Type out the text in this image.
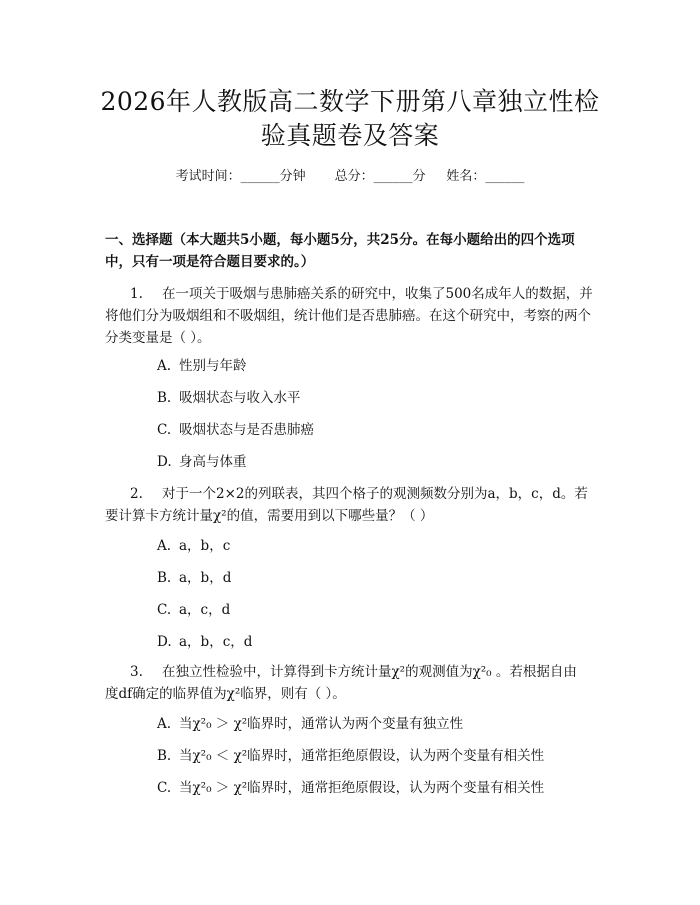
2026年人教版高二数学下册第八章独立性检
验真题卷及答案
考试时间：______分钟 总分：______分 姓名：______
一、选择题（本大题共5小题，每小题5分，共25分。在每小题给出的四个选项
中，只有一项是符合题目要求的。）
1. 在一项关于吸烟与患肺癌关系的研究中，收集了500名成年人的数据，并
将他们分为吸烟组和不吸烟组，统计他们是否患肺癌。在这个研究中，考察的两个
分类变量是（ ）。
A. 性别与年龄
B. 吸烟状态与收入水平
C. 吸烟状态与是否患肺癌
D. 身高与体重
2. 对于一个2×2的列联表，其四个格子的观测频数分别为a，b，c，d。若
要计算卡方统计量χ²的值，需要用到以下哪些量？（ ）
A. a，b，c
B. a，b，d
C. a，c，d
D. a，b，c，d
3. 在独立性检验中，计算得到卡方统计量χ²的观测值为χ²₀ 。若根据自由
度df确定的临界值为χ²临界，则有（ ）。
A. 当χ²₀ ＞ χ²临界时，通常认为两个变量有独立性
B. 当χ²₀ ＜ χ²临界时，通常拒绝原假设，认为两个变量有相关性
C. 当χ²₀ ＞ χ²临界时，通常拒绝原假设，认为两个变量有相关性
